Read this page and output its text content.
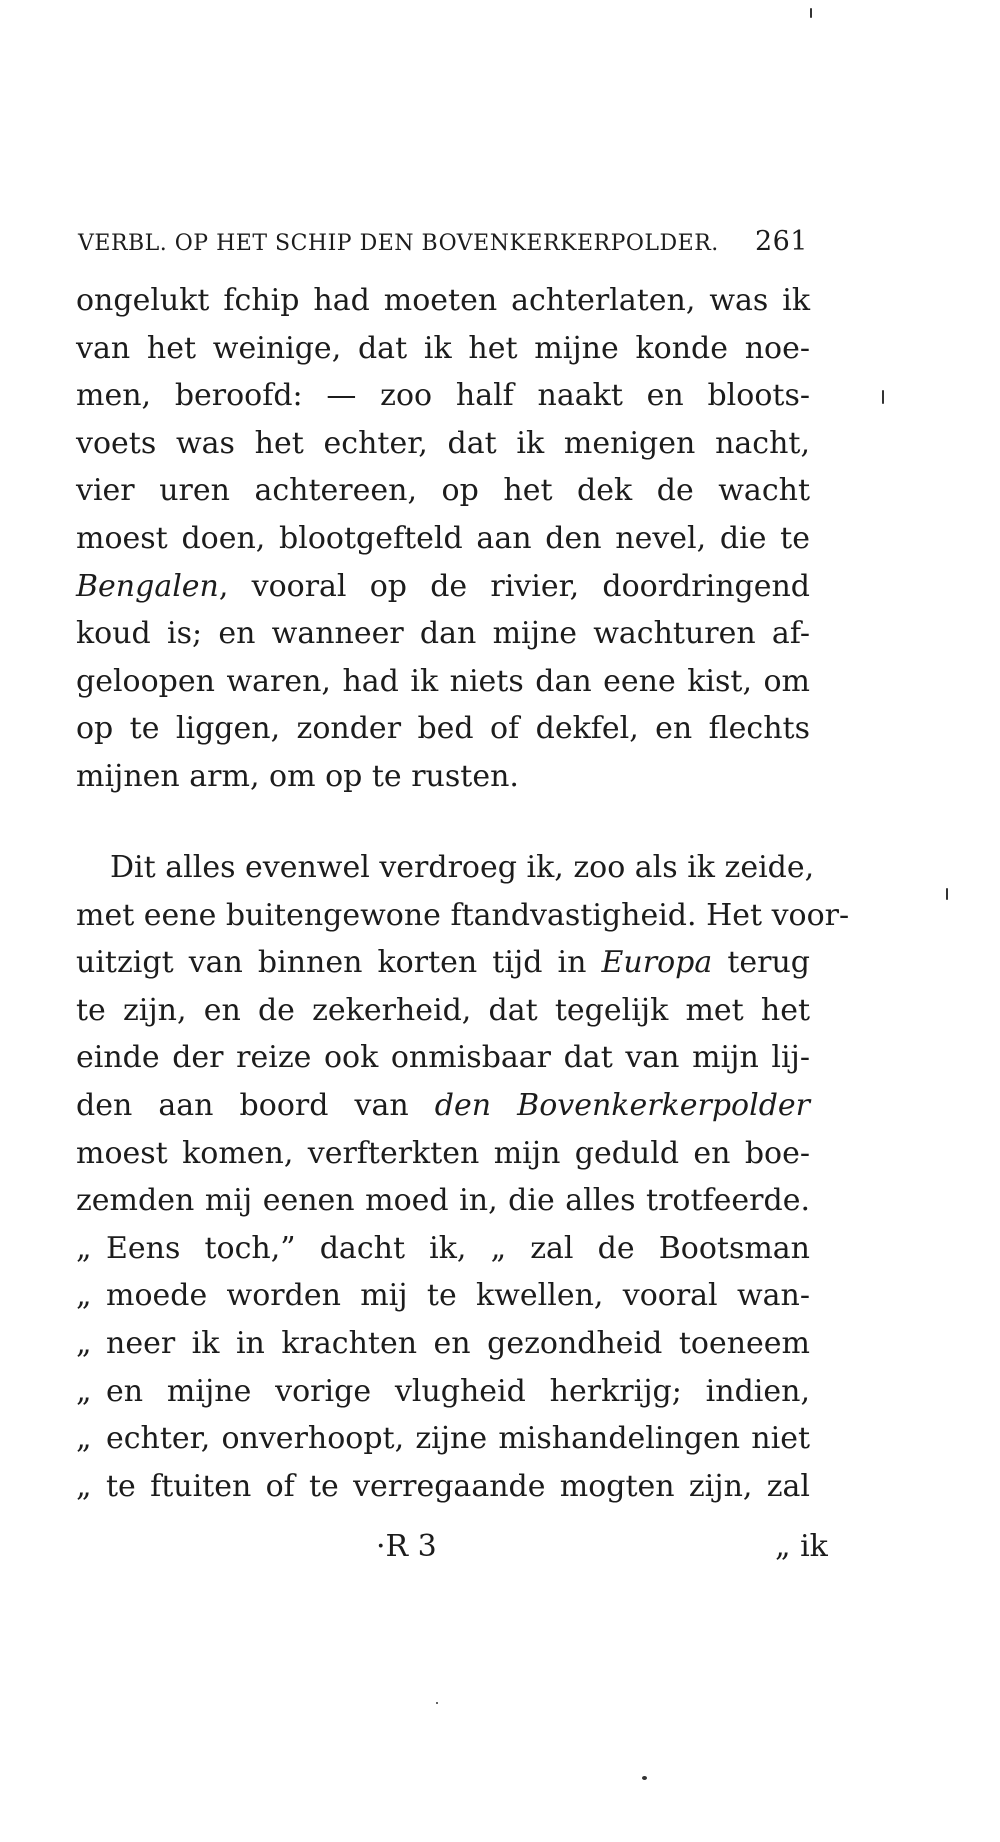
VERBL. OP HET SCHIP DEN BOVENKERKERPOLDER. 261
ongelukt fchip had moeten achterlaten, was ik
van het weinige, dat ik het mijne konde noe-
men, beroofd: — zoo half naakt en bloots-
voets was het echter, dat ik menigen nacht,
vier uren achtereen, op het dek de wacht
moest doen, blootgefteld aan den nevel, die te
Bengalen, vooral op de rivier, doordringend
koud is; en wanneer dan mijne wachturen af-
geloopen waren, had ik niets dan eene kist, om
op te liggen, zonder bed of dekfel, en flechts
mijnen arm, om op te rusten.
Dit alles evenwel verdroeg ik, zoo als ik zeide,
met eene buitengewone ftandvastigheid. Het voor-
uitzigt van binnen korten tijd in Europa terug
te zijn, en de zekerheid, dat tegelijk met het
einde der reize ook onmisbaar dat van mijn lij-
den aan boord van den Bovenkerkerpolder
moest komen, verfterkten mijn geduld en boe-
zemden mij eenen moed in, die alles trotfeerde.
„ Eens toch,” dacht ik, „ zal de Bootsman
„ moede worden mij te kwellen, vooral wan-
„ neer ik in krachten en gezondheid toeneem
„ en mijne vorige vlugheid herkrijg; indien,
„ echter, onverhoopt, zijne mishandelingen niet
„ te ftuiten of te verregaande mogten zijn, zal
·R 3	„ ik
